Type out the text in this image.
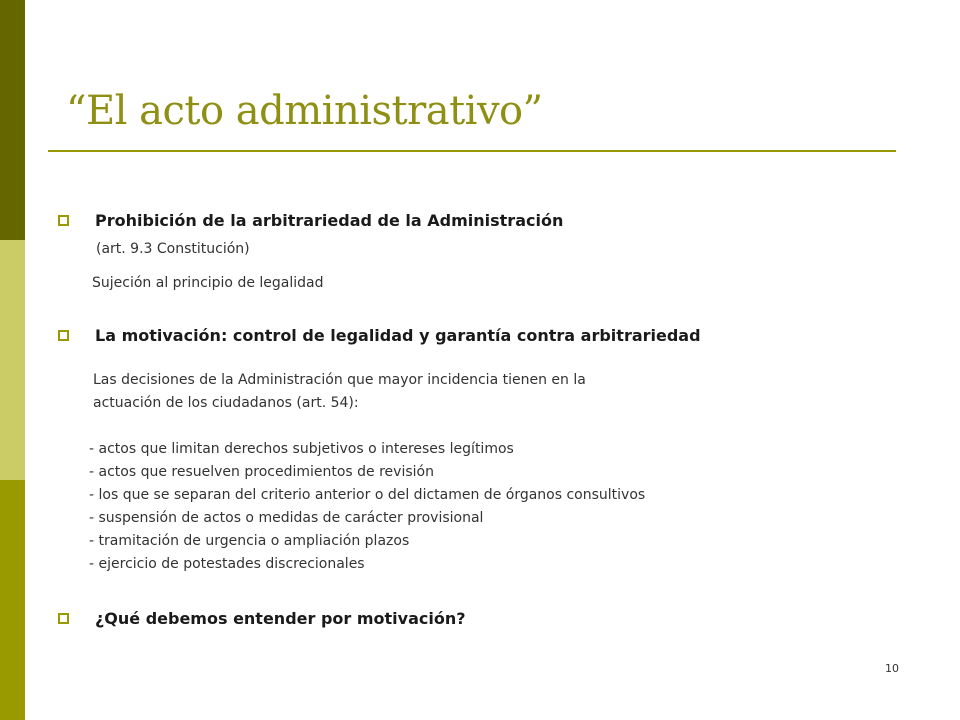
“El acto administrativo”
Prohibición de la arbitrariedad de la Administración
(art. 9.3 Constitución)
Sujeción al principio de legalidad
La motivación: control de legalidad y garantía contra arbitrariedad
Las decisiones de la Administración que mayor incidencia tienen en la
actuación de los ciudadanos (art. 54):
- actos que limitan derechos subjetivos o intereses legítimos
- actos que resuelven procedimientos de revisión
- los que se separan del criterio anterior o del dictamen de órganos consultivos
- suspensión de actos o medidas de carácter provisional
- tramitación de urgencia o ampliación plazos
- ejercicio de potestades discrecionales
¿Qué debemos entender por motivación?
10
